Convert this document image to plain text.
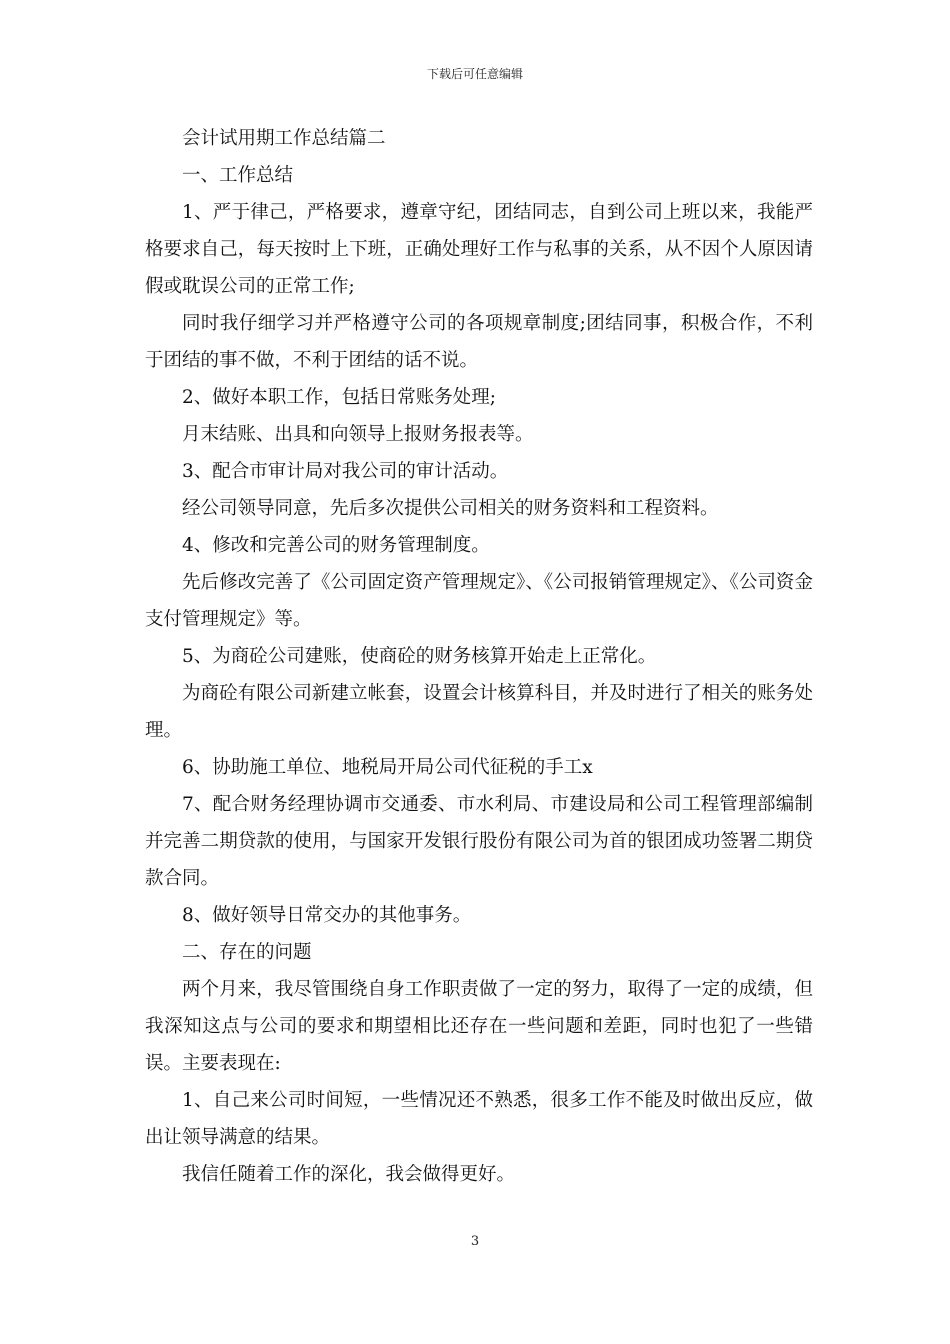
下载后可任意编辑

会计试用期工作总结篇二

一、工作总结

1、严于律己，严格要求，遵章守纪，团结同志，自到公司上班以来，我能严格要求自己，每天按时上下班，正确处理好工作与私事的关系，从不因个人原因请假或耽误公司的正常工作;

同时我仔细学习并严格遵守公司的各项规章制度;团结同事，积极合作，不利于团结的事不做，不利于团结的话不说。

2、做好本职工作，包括日常账务处理;

月末结账、出具和向领导上报财务报表等。

3、配合市审计局对我公司的审计活动。

经公司领导同意，先后多次提供公司相关的财务资料和工程资料。

4、修改和完善公司的财务管理制度。

先后修改完善了《公司固定资产管理规定》、《公司报销管理规定》、《公司资金支付管理规定》等。

5、为商砼公司建账，使商砼的财务核算开始走上正常化。

为商砼有限公司新建立帐套，设置会计核算科目，并及时进行了相关的账务处理。

6、协助施工单位、地税局开局公司代征税的手工x

7、配合财务经理协调市交通委、市水利局、市建设局和公司工程管理部编制并完善二期贷款的使用，与国家开发银行股份有限公司为首的银团成功签署二期贷款合同。

8、做好领导日常交办的其他事务。

二、存在的问题

两个月来，我尽管围绕自身工作职责做了一定的努力，取得了一定的成绩，但我深知这点与公司的要求和期望相比还存在一些问题和差距，同时也犯了一些错误。主要表现在:

1、自己来公司时间短，一些情况还不熟悉，很多工作不能及时做出反应，做出让领导满意的结果。

我信任随着工作的深化，我会做得更好。

3
